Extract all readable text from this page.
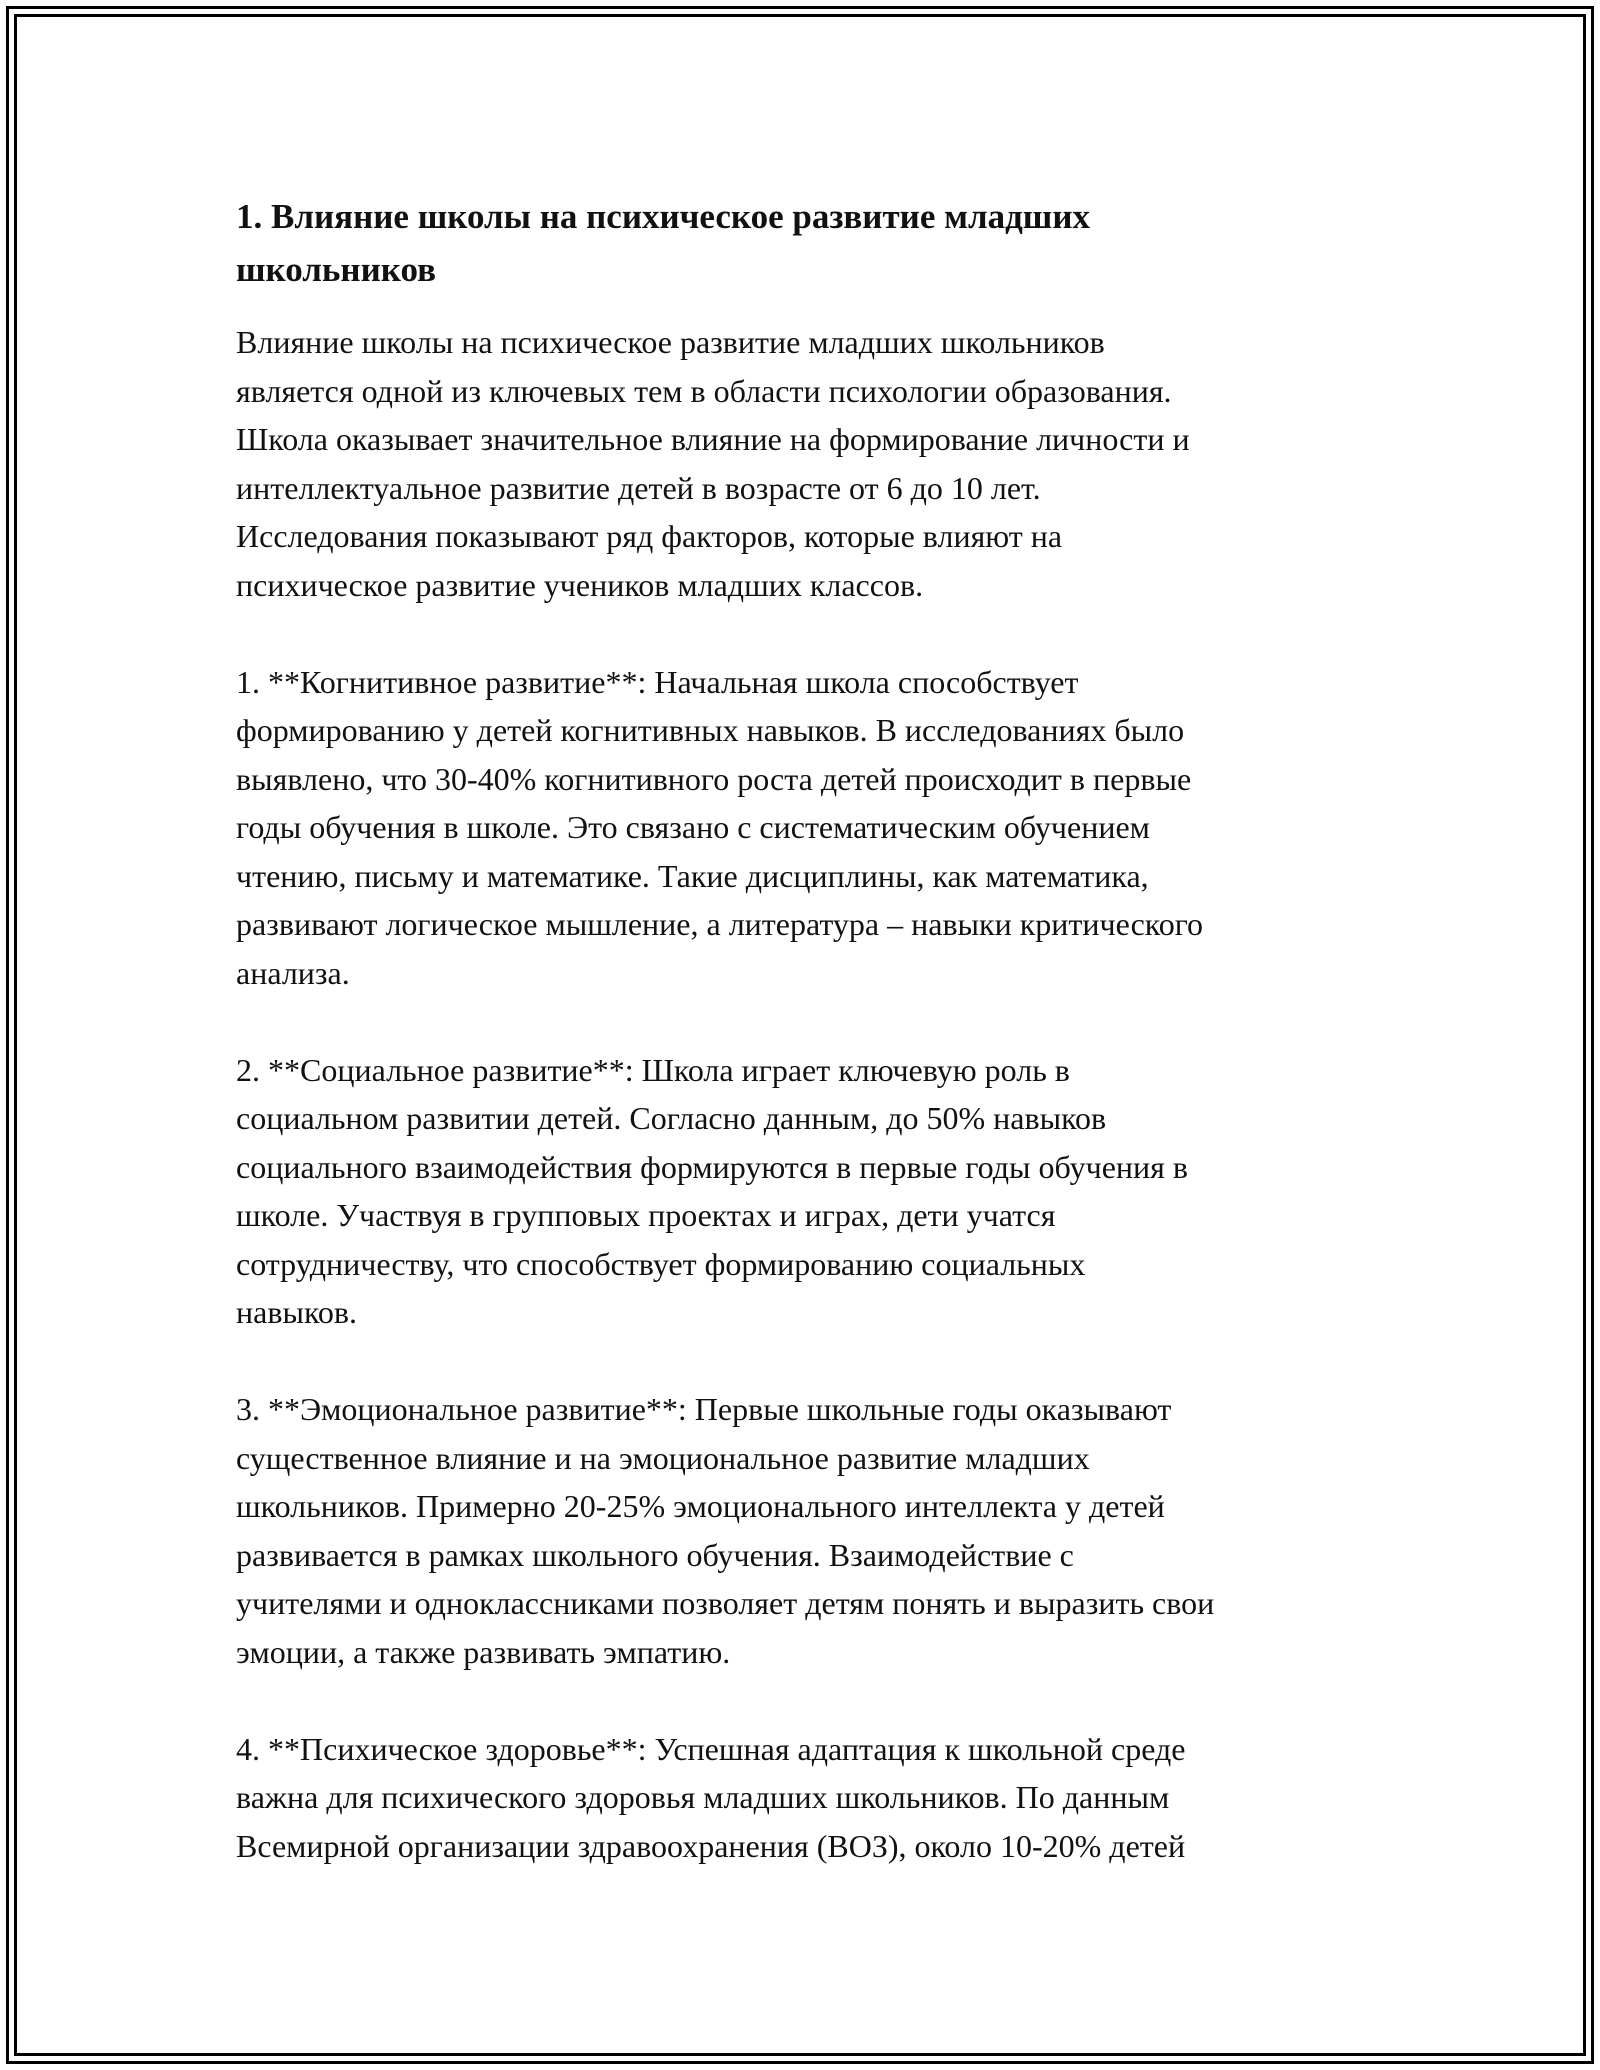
1. Влияние школы на психическое развитие младших
школьников

Влияние школы на психическое развитие младших школьников
является одной из ключевых тем в области психологии образования.
Школа оказывает значительное влияние на формирование личности и
интеллектуальное развитие детей в возрасте от 6 до 10 лет.
Исследования показывают ряд факторов, которые влияют на
психическое развитие учеников младших классов.

1. **Когнитивное развитие**: Начальная школа способствует
формированию у детей когнитивных навыков. В исследованиях было
выявлено, что 30-40% когнитивного роста детей происходит в первые
годы обучения в школе. Это связано с систематическим обучением
чтению, письму и математике. Такие дисциплины, как математика,
развивают логическое мышление, а литература – навыки критического
анализа.

2. **Социальное развитие**: Школа играет ключевую роль в
социальном развитии детей. Согласно данным, до 50% навыков
социального взаимодействия формируются в первые годы обучения в
школе. Участвуя в групповых проектах и играх, дети учатся
сотрудничеству, что способствует формированию социальных
навыков.

3. **Эмоциональное развитие**: Первые школьные годы оказывают
существенное влияние и на эмоциональное развитие младших
школьников. Примерно 20-25% эмоционального интеллекта у детей
развивается в рамках школьного обучения. Взаимодействие с
учителями и одноклассниками позволяет детям понять и выразить свои
эмоции, а также развивать эмпатию.

4. **Психическое здоровье**: Успешная адаптация к школьной среде
важна для психического здоровья младших школьников. По данным
Всемирной организации здравоохранения (ВОЗ), около 10-20% детей
